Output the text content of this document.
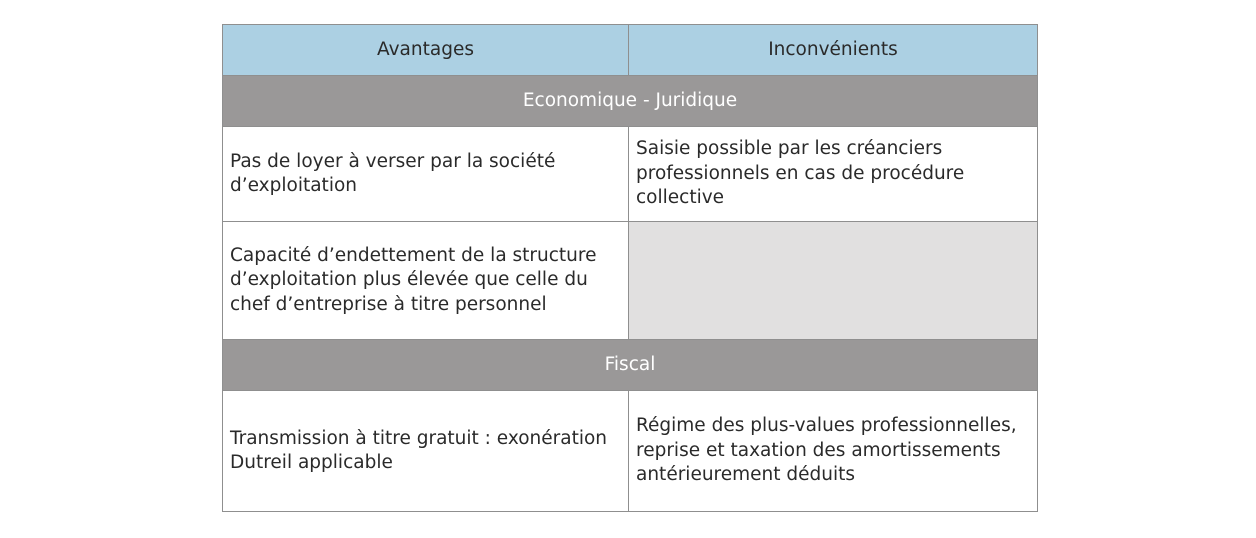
Avantages	Inconvénients
Economique - Juridique	
Pas de loyer à verser par la société d’exploitation	Saisie possible par les créanciers professionnels en cas de procédure collective
Capacité d’endettement de la structure d’exploitation plus élevée que celle du chef d’entreprise à titre personnel	
Fiscal	
Transmission à titre gratuit : exonération Dutreil applicable	Régime des plus-values professionnelles, reprise et taxation des amortissements antérieurement déduits
